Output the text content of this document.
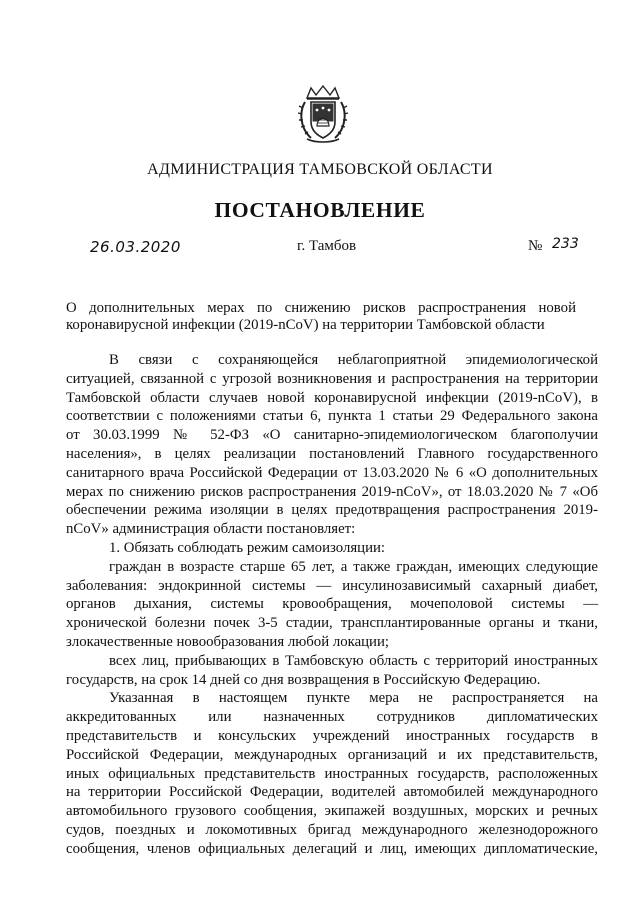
АДМИНИСТРАЦИЯ ТАМБОВСКОЙ ОБЛАСТИ
ПОСТАНОВЛЕНИЕ
26.03.2020	г. Тамбов	№ 233
О дополнительных мерах по снижению рисков распространения новой
коронавирусной инфекции (2019-nCoV) на территории Тамбовской области
В связи с сохраняющейся неблагоприятной эпидемиологической
ситуацией, связанной с угрозой возникновения и распространения на территории
Тамбовской области случаев новой коронавирусной инфекции (2019-nCoV), в
соответствии с положениями статьи 6, пункта 1 статьи 29 Федерального закона
от 30.03.1999 № 52-ФЗ «О санитарно-эпидемиологическом благополучии
населения», в целях реализации постановлений Главного государственного
санитарного врача Российской Федерации от 13.03.2020 № 6 «О дополнительных
мерах по снижению рисков распространения 2019-nCoV», от 18.03.2020 № 7 «Об
обеспечении режима изоляции в целях предотвращения распространения 2019-
nCoV» администрация области постановляет:
1. Обязать соблюдать режим самоизоляции:
граждан в возрасте старше 65 лет, а также граждан, имеющих следующие
заболевания: эндокринной системы — инсулинозависимый сахарный диабет,
органов дыхания, системы кровообращения, мочеполовой системы —
хронической болезни почек 3-5 стадии, трансплантированные органы и ткани,
злокачественные новообразования любой локации;
всех лиц, прибывающих в Тамбовскую область с территорий иностранных
государств, на срок 14 дней со дня возвращения в Российскую Федерацию.
Указанная в настоящем пункте мера не распространяется на
аккредитованных или назначенных сотрудников дипломатических
представительств и консульских учреждений иностранных государств в
Российской Федерации, международных организаций и их представительств,
иных официальных представительств иностранных государств, расположенных
на территории Российской Федерации, водителей автомобилей международного
автомобильного грузового сообщения, экипажей воздушных, морских и речных
судов, поездных и локомотивных бригад международного железнодорожного
сообщения, членов официальных делегаций и лиц, имеющих дипломатические,
